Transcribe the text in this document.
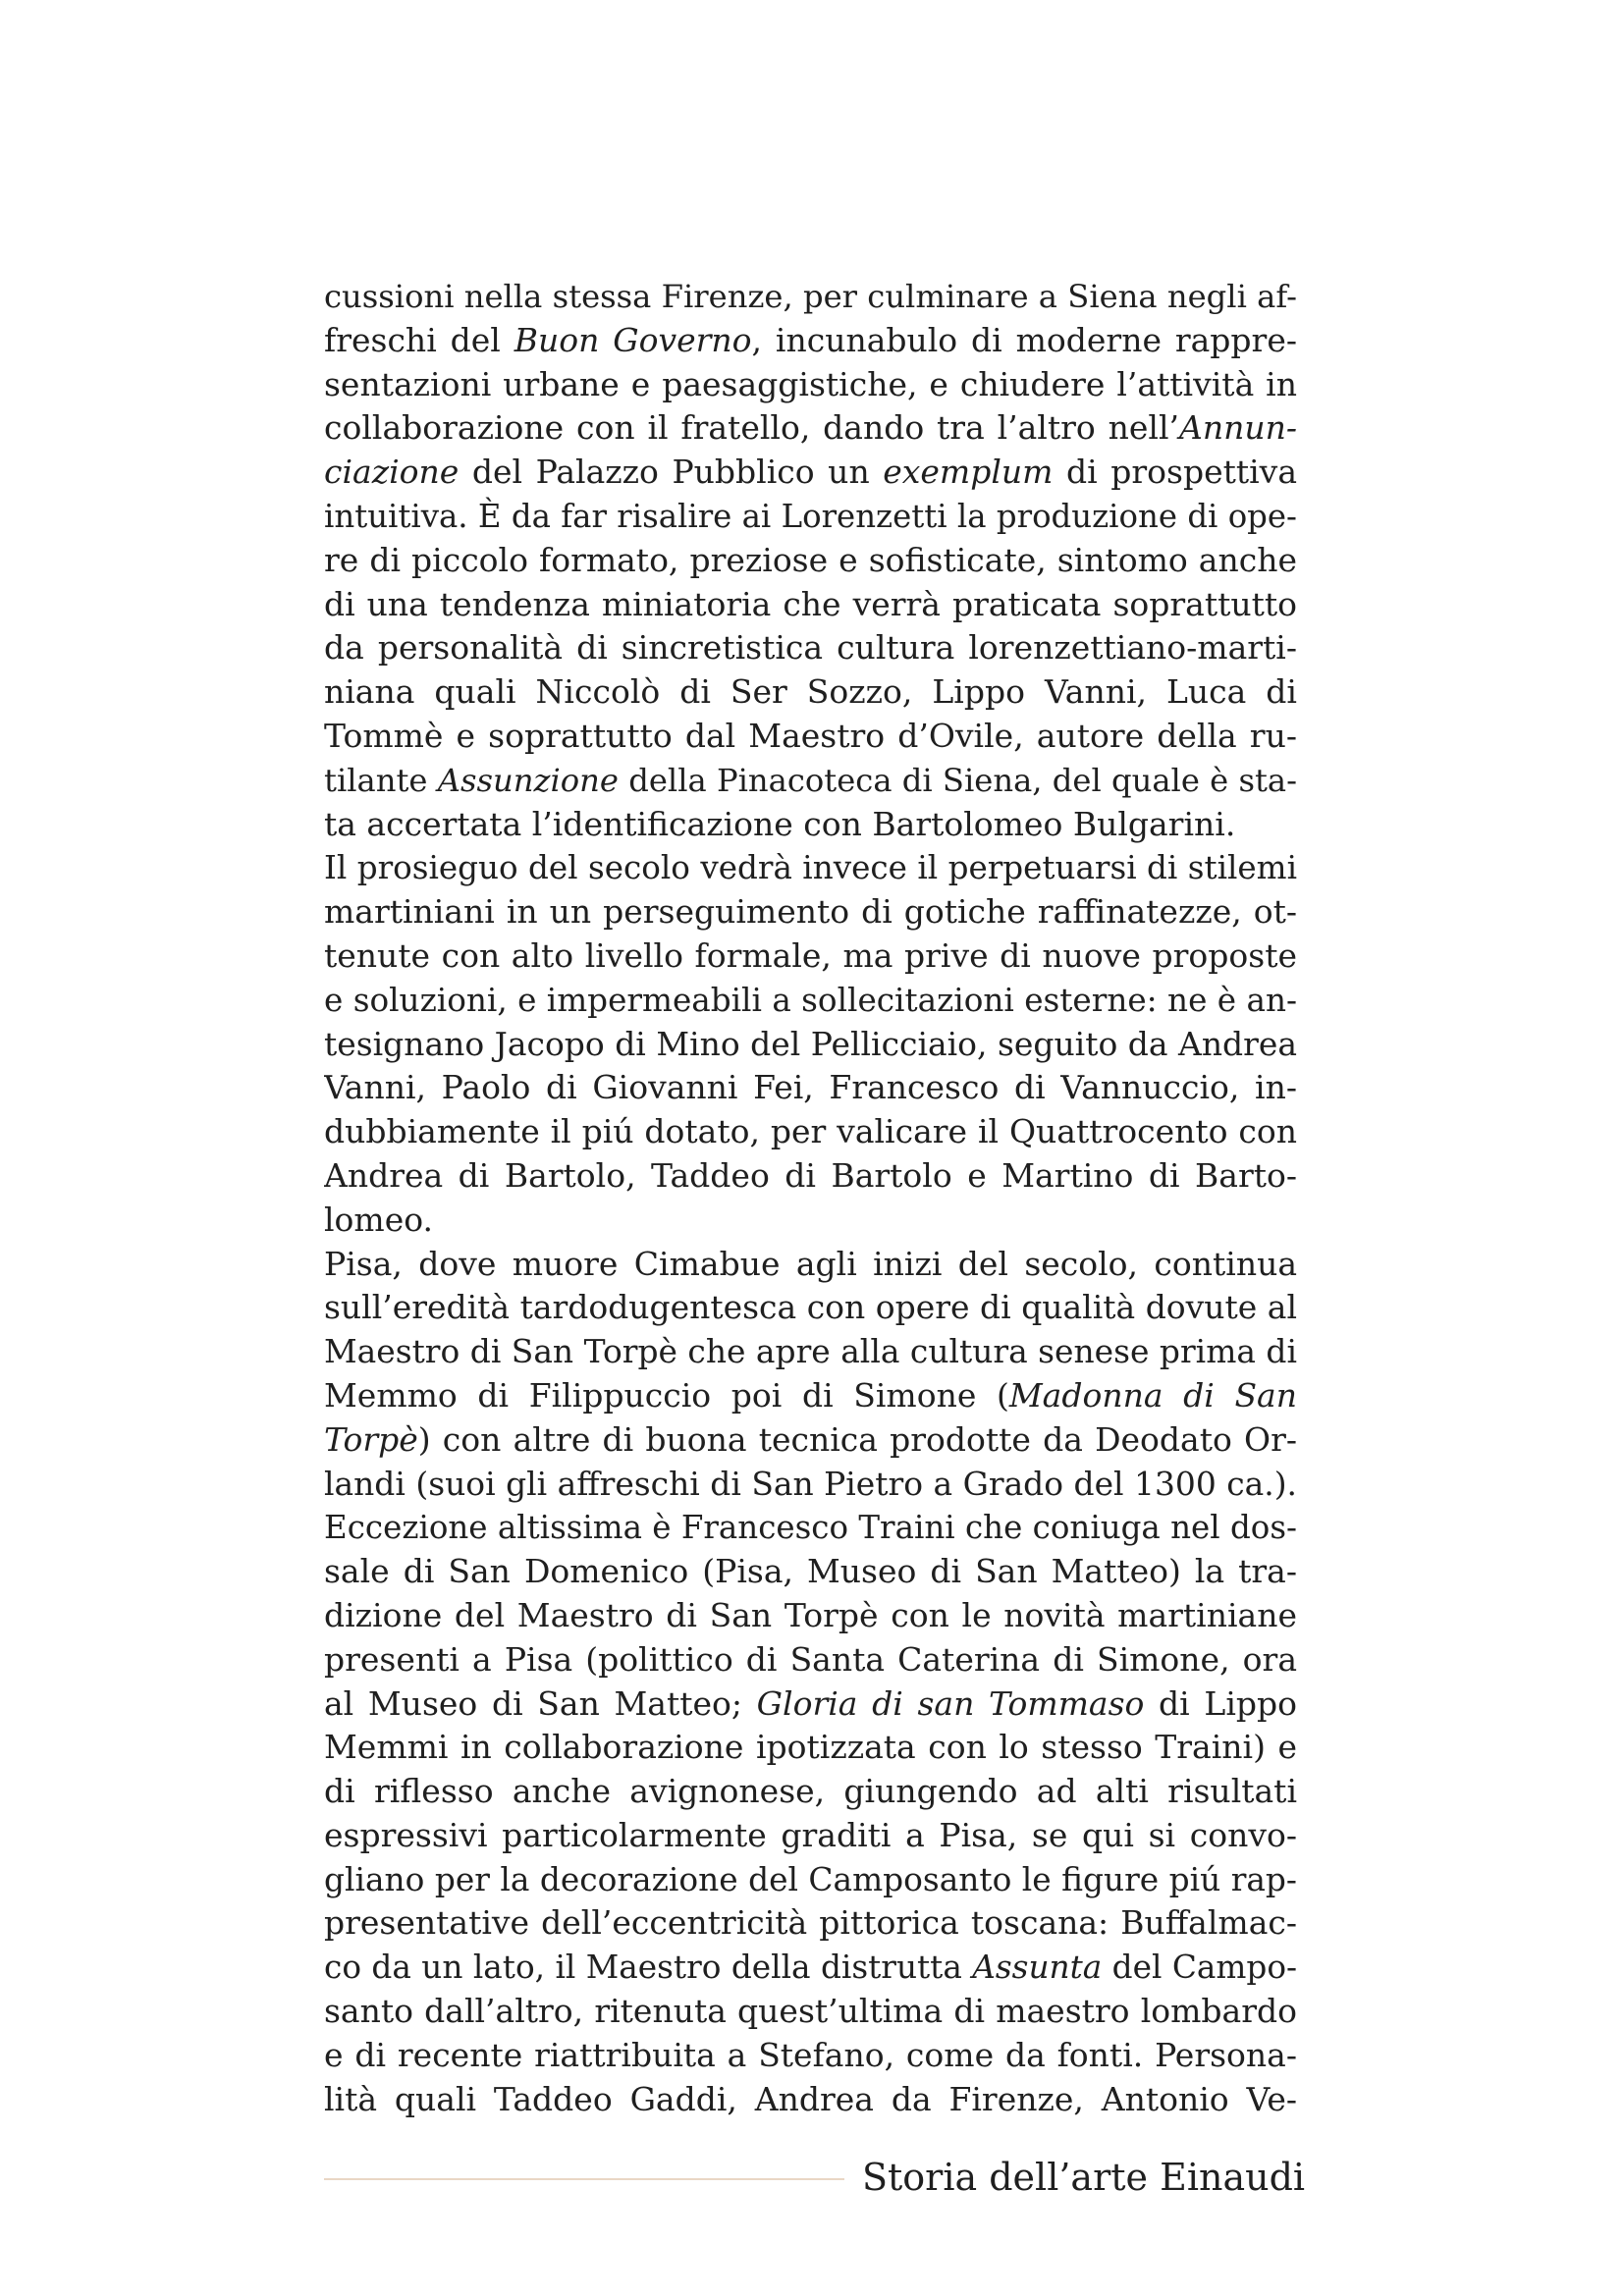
cussioni nella stessa Firenze, per culminare a Siena negli af-
freschi del Buon Governo, incunabulo di moderne rappre-
sentazioni urbane e paesaggistiche, e chiudere l’attività in
collaborazione con il fratello, dando tra l’altro nell’Annun-
ciazione del Palazzo Pubblico un exemplum di prospettiva
intuitiva. È da far risalire ai Lorenzetti la produzione di ope-
re di piccolo formato, preziose e sofisticate, sintomo anche
di una tendenza miniatoria che verrà praticata soprattutto
da personalità di sincretistica cultura lorenzettiano-marti-
niana quali Niccolò di Ser Sozzo, Lippo Vanni, Luca di
Tommè e soprattutto dal Maestro d’Ovile, autore della ru-
tilante Assunzione della Pinacoteca di Siena, del quale è sta-
ta accertata l’identificazione con Bartolomeo Bulgarini.
Il prosieguo del secolo vedrà invece il perpetuarsi di stilemi
martiniani in un perseguimento di gotiche raffinatezze, ot-
tenute con alto livello formale, ma prive di nuove proposte
e soluzioni, e impermeabili a sollecitazioni esterne: ne è an-
tesignano Jacopo di Mino del Pellicciaio, seguito da Andrea
Vanni, Paolo di Giovanni Fei, Francesco di Vannuccio, in-
dubbiamente il piú dotato, per valicare il Quattrocento con
Andrea di Bartolo, Taddeo di Bartolo e Martino di Barto-
lomeo.
Pisa, dove muore Cimabue agli inizi del secolo, continua
sull’eredità tardodugentesca con opere di qualità dovute al
Maestro di San Torpè che apre alla cultura senese prima di
Memmo di Filippuccio poi di Simone (Madonna di San
Torpè) con altre di buona tecnica prodotte da Deodato Or-
landi (suoi gli affreschi di San Pietro a Grado del 1300 ca.).
Eccezione altissima è Francesco Traini che coniuga nel dos-
sale di San Domenico (Pisa, Museo di San Matteo) la tra-
dizione del Maestro di San Torpè con le novità martiniane
presenti a Pisa (polittico di Santa Caterina di Simone, ora
al Museo di San Matteo; Gloria di san Tommaso di Lippo
Memmi in collaborazione ipotizzata con lo stesso Traini) e
di riflesso anche avignonese, giungendo ad alti risultati
espressivi particolarmente graditi a Pisa, se qui si convo-
gliano per la decorazione del Camposanto le figure piú rap-
presentative dell’eccentricità pittorica toscana: Buffalmac-
co da un lato, il Maestro della distrutta Assunta del Campo-
santo dall’altro, ritenuta quest’ultima di maestro lombardo
e di recente riattribuita a Stefano, come da fonti. Persona-
lità quali Taddeo Gaddi, Andrea da Firenze, Antonio Ve-
Storia dell’arte Einaudi
